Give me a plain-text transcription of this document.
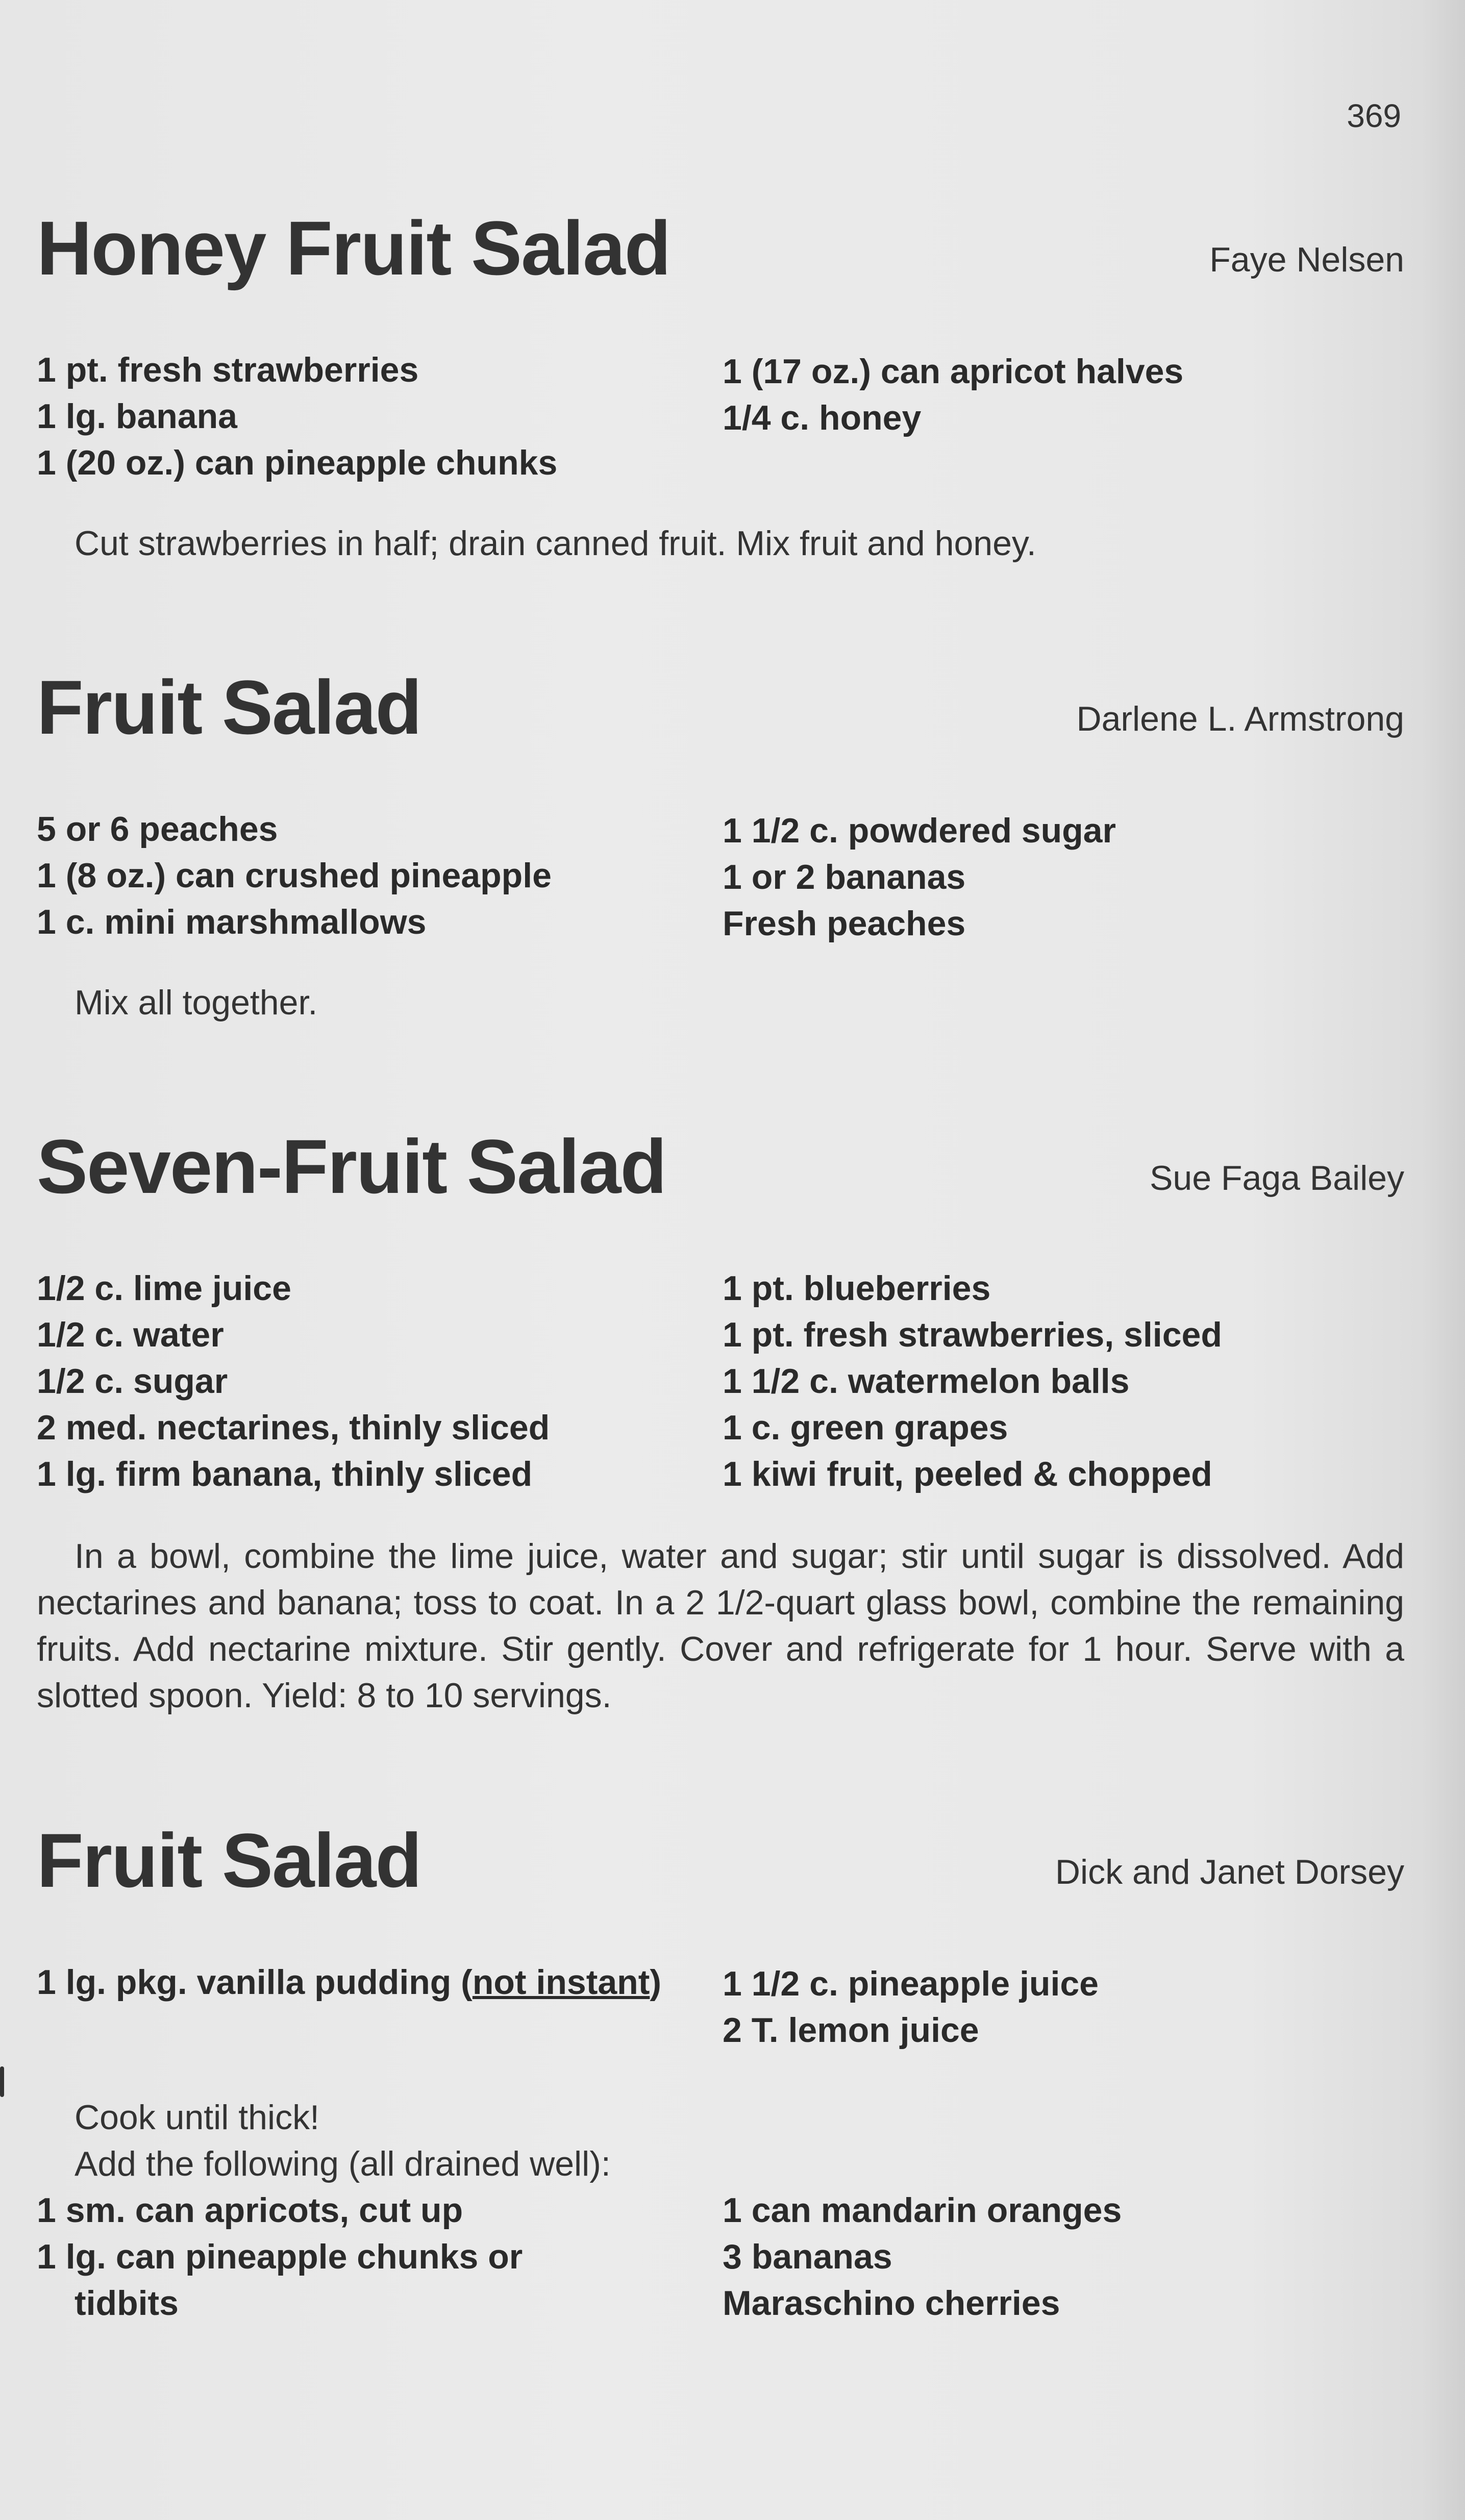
369
Honey Fruit Salad	Faye Nelsen
1 pt. fresh strawberries
1 lg. banana
1 (20 oz.) can pineapple chunks
1 (17 oz.) can apricot halves
1/4 c. honey

Cut strawberries in half; drain canned fruit. Mix fruit and honey.

Fruit Salad	Darlene L. Armstrong
5 or 6 peaches
1 (8 oz.) can crushed pineapple
1 c. mini marshmallows
1 1/2 c. powdered sugar
1 or 2 bananas
Fresh peaches

Mix all together.

Seven-Fruit Salad	Sue Faga Bailey
1/2 c. lime juice
1/2 c. water
1/2 c. sugar
2 med. nectarines, thinly sliced
1 lg. firm banana, thinly sliced
1 pt. blueberries
1 pt. fresh strawberries, sliced
1 1/2 c. watermelon balls
1 c. green grapes
1 kiwi fruit, peeled & chopped

In a bowl, combine the lime juice, water and sugar; stir until sugar is dissolved. Add nectarines and banana; toss to coat. In a 2 1/2-quart glass bowl, combine the remaining fruits. Add nectarine mixture. Stir gently. Cover and refrigerate for 1 hour. Serve with a slotted spoon. Yield: 8 to 10 servings.

Fruit Salad	Dick and Janet Dorsey
1 lg. pkg. vanilla pudding (not instant) 1 1/2 c. pineapple juice
2 T. lemon juice

Cook until thick!

Add the following (all drained well):

1 sm. can apricots, cut up
1 lg. can pineapple chunks or
tidbits
1 can mandarin oranges
3 bananas
Maraschino cherries
